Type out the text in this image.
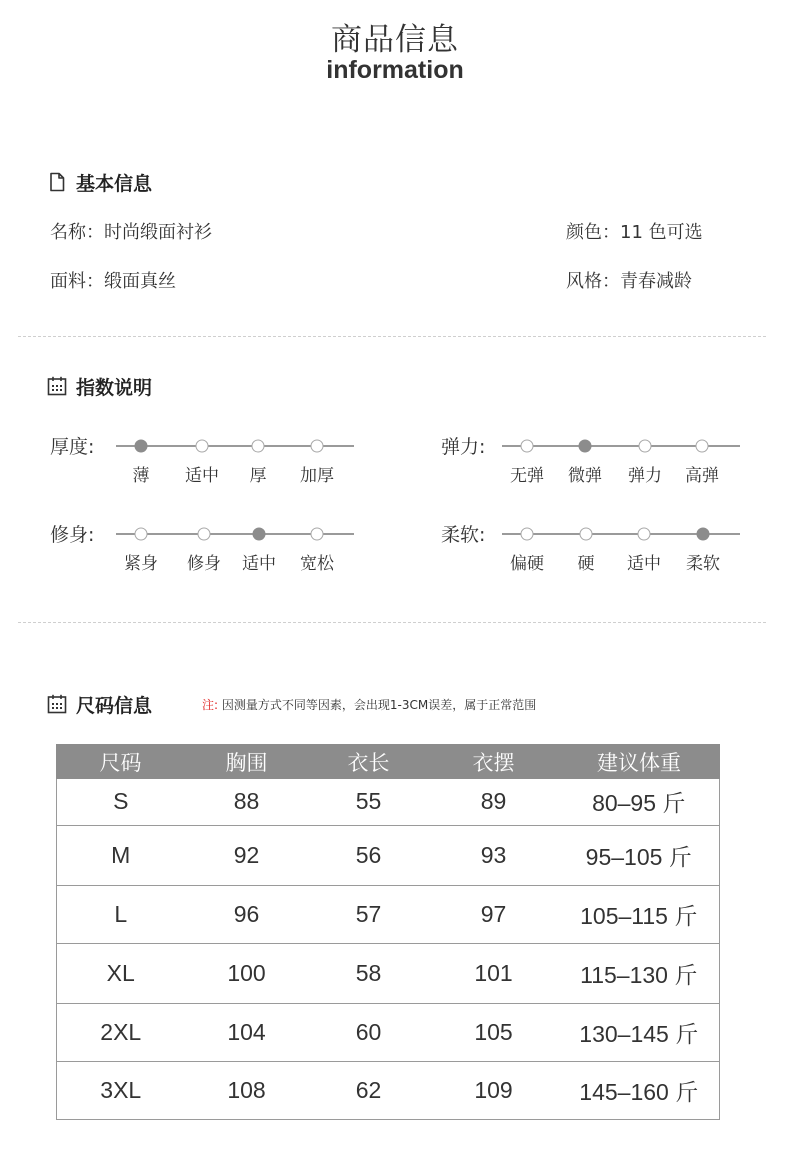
商品信息
information
基本信息
名称：时尚缎面衬衫	颜色：11 色可选
面料：缎面真丝	风格：青春减龄
指数说明
厚度:
薄 适中 厚 加厚
弹力:
无弹 微弹 弹力 高弹
修身:
紧身 修身 适中 宽松
柔软:
偏硬 硬 适中 柔软
尺码信息	注: 因测量方式不同等因素，会出现1-3CM误差，属于正常范围
尺码	胸围	衣长	衣摆	建议体重
S	88	55	89	80–95 斤
M	92	56	93	95–105 斤
L	96	57	97	105–115 斤
XL	100	58	101	115–130 斤
2XL	104	60	105	130–145 斤
3XL	108	62	109	145–160 斤
